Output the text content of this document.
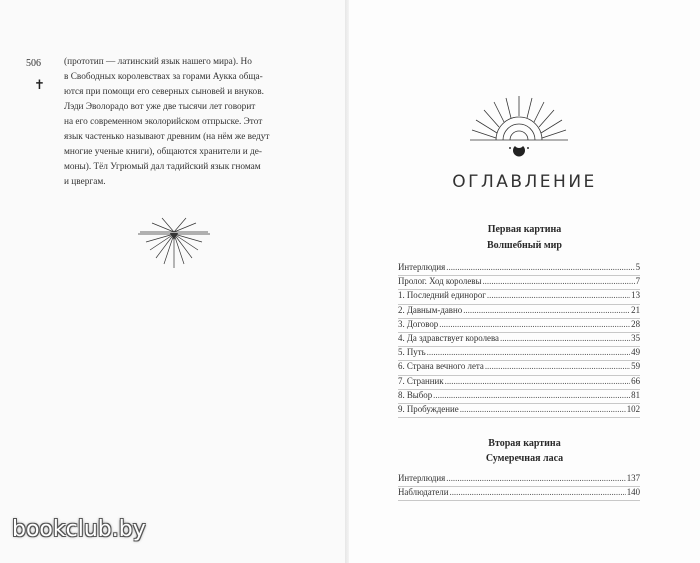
506
✝

(прототип — латинский язык нашего мира). Но

в Свободных королевствах за горами Аукка обща-

ются при помощи его северных сыновей и внуков.

Лэди Эволорадо вот уже две тысячи лет говорит

на его современном эколорийском отпрыске. Этот

язык частенько называют древним (на нём же ведут

многие ученые книги), общаются хранители и де-

моны). Тёл Угрюмый дал тадийский язык гномам

и цвергам.	ОГЛАВЛЕНИЕ
Первая картина
Волшебный мир
Интерлюдия .....	5
Пролог. Ход королевы .....	7
1. Последний единорог .....	13
2. Давным-давно .....	21
3. Договор .....	28
4. Да здравствует королева .....	35
5. Путь .....	49
6. Страна вечного лета .....	59
7. Странник .....	66
8. Выбор .....	81
9. Пробуждение .....	102
Вторая картина
Сумеречная ласа
Интерлюдия .....	137
Наблюдатели .....	140
bookclub.by
